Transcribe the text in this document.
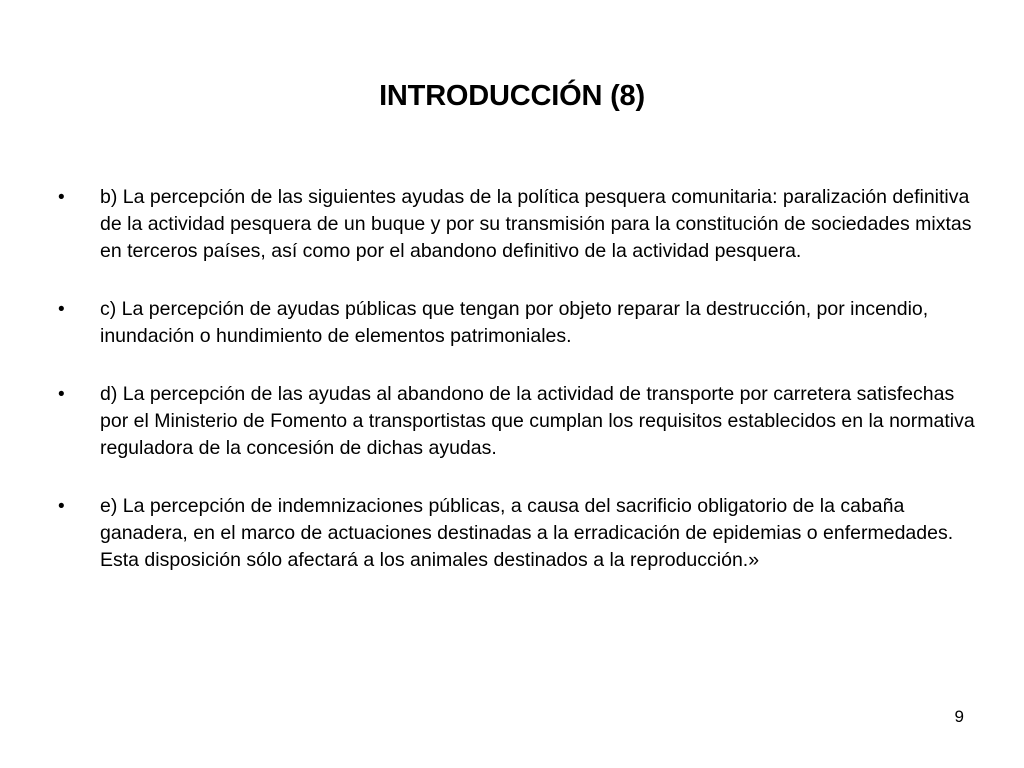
INTRODUCCIÓN (8)
• b) La percepción de las siguientes ayudas de la política pesquera comunitaria: paralización definitiva de la actividad pesquera de un buque y por su transmisión para la constitución de sociedades mixtas en terceros países, así como por el abandono definitivo de la actividad pesquera.
• c) La percepción de ayudas públicas que tengan por objeto reparar la destrucción, por incendio, inundación o hundimiento de elementos patrimoniales.
• d) La percepción de las ayudas al abandono de la actividad de transporte por carretera satisfechas por el Ministerio de Fomento a transportistas que cumplan los requisitos establecidos en la normativa reguladora de la concesión de dichas ayudas.
• e) La percepción de indemnizaciones públicas, a causa del sacrificio obligatorio de la cabaña ganadera, en el marco de actuaciones destinadas a la erradicación de epidemias o enfermedades. Esta disposición sólo afectará a los animales destinados a la reproducción.»
9
